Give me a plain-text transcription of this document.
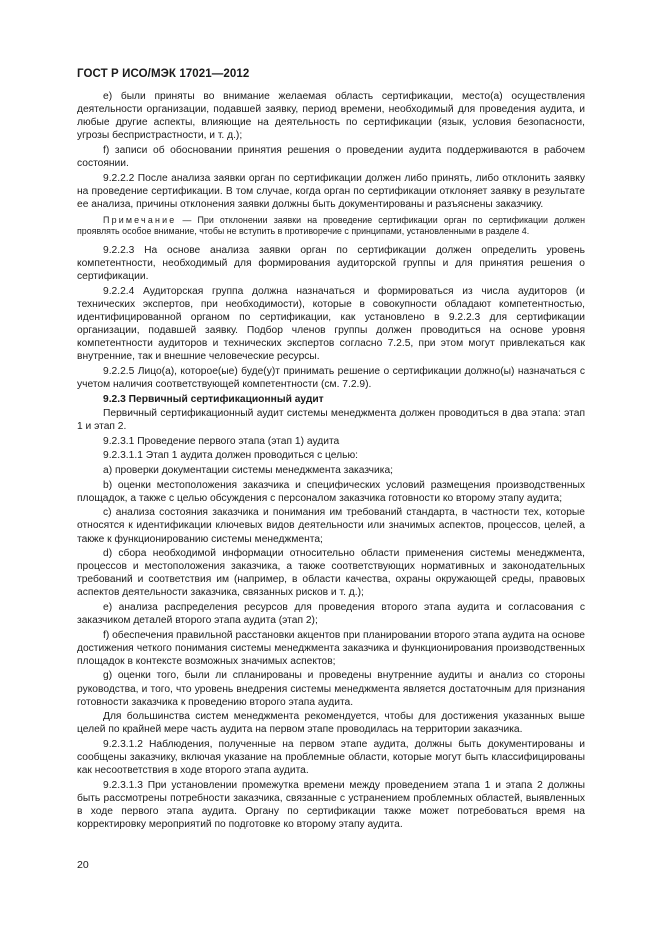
ГОСТ Р ИСО/МЭК 17021—2012

е) были приняты во внимание желаемая область сертификации, место(а) осуществления деятельности организации, подавшей заявку, период времени, необходимый для проведения аудита, и любые другие аспекты, влияющие на деятельность по сертификации (язык, условия безопасности, угрозы беспристрастности, и т. д.);

f) записи об обосновании принятия решения о проведении аудита поддерживаются в рабочем состоянии.

9.2.2.2 После анализа заявки орган по сертификации должен либо принять, либо отклонить заявку на проведение сертификации. В том случае, когда орган по сертификации отклоняет заявку в результате ее анализа, причины отклонения заявки должны быть документированы и разъяснены заказчику.

Примечание — При отклонении заявки на проведение сертификации орган по сертификации должен проявлять особое внимание, чтобы не вступить в противоречие с принципами, установленными в разделе 4.

9.2.2.3 На основе анализа заявки орган по сертификации должен определить уровень компетентности, необходимый для формирования аудиторской группы и для принятия решения о сертификации.

9.2.2.4 Аудиторская группа должна назначаться и формироваться из числа аудиторов (и технических экспертов, при необходимости), которые в совокупности обладают компетентностью, идентифицированной органом по сертификации, как установлено в 9.2.2.3 для сертификации организации, подавшей заявку. Подбор членов группы должен проводиться на основе уровня компетентности аудиторов и технических экспертов согласно 7.2.5, при этом могут привлекаться как внутренние, так и внешние человеческие ресурсы.

9.2.2.5 Лицо(а), которое(ые) буде(у)т принимать решение о сертификации должно(ы) назначаться с учетом наличия соответствующей компетентности (см. 7.2.9).

9.2.3 Первичный сертификационный аудит

Первичный сертификационный аудит системы менеджмента должен проводиться в два этапа: этап 1 и этап 2.

9.2.3.1 Проведение первого этапа (этап 1) аудита

9.2.3.1.1 Этап 1 аудита должен проводиться с целью:

a) проверки документации системы менеджмента заказчика;

b) оценки местоположения заказчика и специфических условий размещения производственных площадок, а также с целью обсуждения с персоналом заказчика готовности ко второму этапу аудита;

c) анализа состояния заказчика и понимания им требований стандарта, в частности тех, которые относятся к идентификации ключевых видов деятельности или значимых аспектов, процессов, целей, а также к функционированию системы менеджмента;

d) сбора необходимой информации относительно области применения системы менеджмента, процессов и местоположения заказчика, а также соответствующих нормативных и законодательных требований и соответствия им (например, в области качества, охраны окружающей среды, правовых аспектов деятельности заказчика, связанных рисков и т. д.);

e) анализа распределения ресурсов для проведения второго этапа аудита и согласования с заказчиком деталей второго этапа аудита (этап 2);

f) обеспечения правильной расстановки акцентов при планировании второго этапа аудита на основе достижения четкого понимания системы менеджмента заказчика и функционирования производственных площадок в контексте возможных значимых аспектов;

g) оценки того, были ли спланированы и проведены внутренние аудиты и анализ со стороны руководства, и того, что уровень внедрения системы менеджмента является достаточным для признания готовности заказчика к проведению второго этапа аудита.

Для большинства систем менеджмента рекомендуется, чтобы для достижения указанных выше целей по крайней мере часть аудита на первом этапе проводилась на территории заказчика.

9.2.3.1.2 Наблюдения, полученные на первом этапе аудита, должны быть документированы и сообщены заказчику, включая указание на проблемные области, которые могут быть классифицированы как несоответствия в ходе второго этапа аудита.

9.2.3.1.3 При установлении промежутка времени между проведением этапа 1 и этапа 2 должны быть рассмотрены потребности заказчика, связанные с устранением проблемных областей, выявленных в ходе первого этапа аудита. Органу по сертификации также может потребоваться время на корректировку мероприятий по подготовке ко второму этапу аудита.

20
